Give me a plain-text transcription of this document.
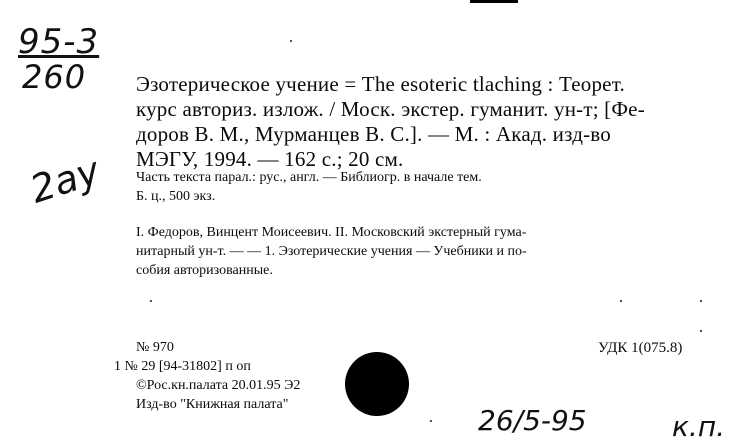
95-3
260
2ay
Эзотерическое учение = The esoteric tlaching : Теорет.
курс авториз. излож. / Моск. экстер. гуманит. ун-т; [Фе-
доров В. М., Мурманцев В. С.]. — М. : Акад. изд-во
МЭГУ, 1994. — 162 с.; 20 см.
Часть текста парал.: рус., англ. — Библиогр. в начале тем.
Б. ц., 500 экз.
I. Федоров, Винцент Моисеевич. II. Московский экстерный гума-
нитарный ун-т. — — 1. Эзотерические учения — Учебники и по-
собия авторизованные.
№ 970
1 № 29 [94-31802] п оп
©Рос.кн.палата 20.01.95 Э2
Изд-во "Книжная палата"
УДК 1(075.8)
26/5-95	к.п.
